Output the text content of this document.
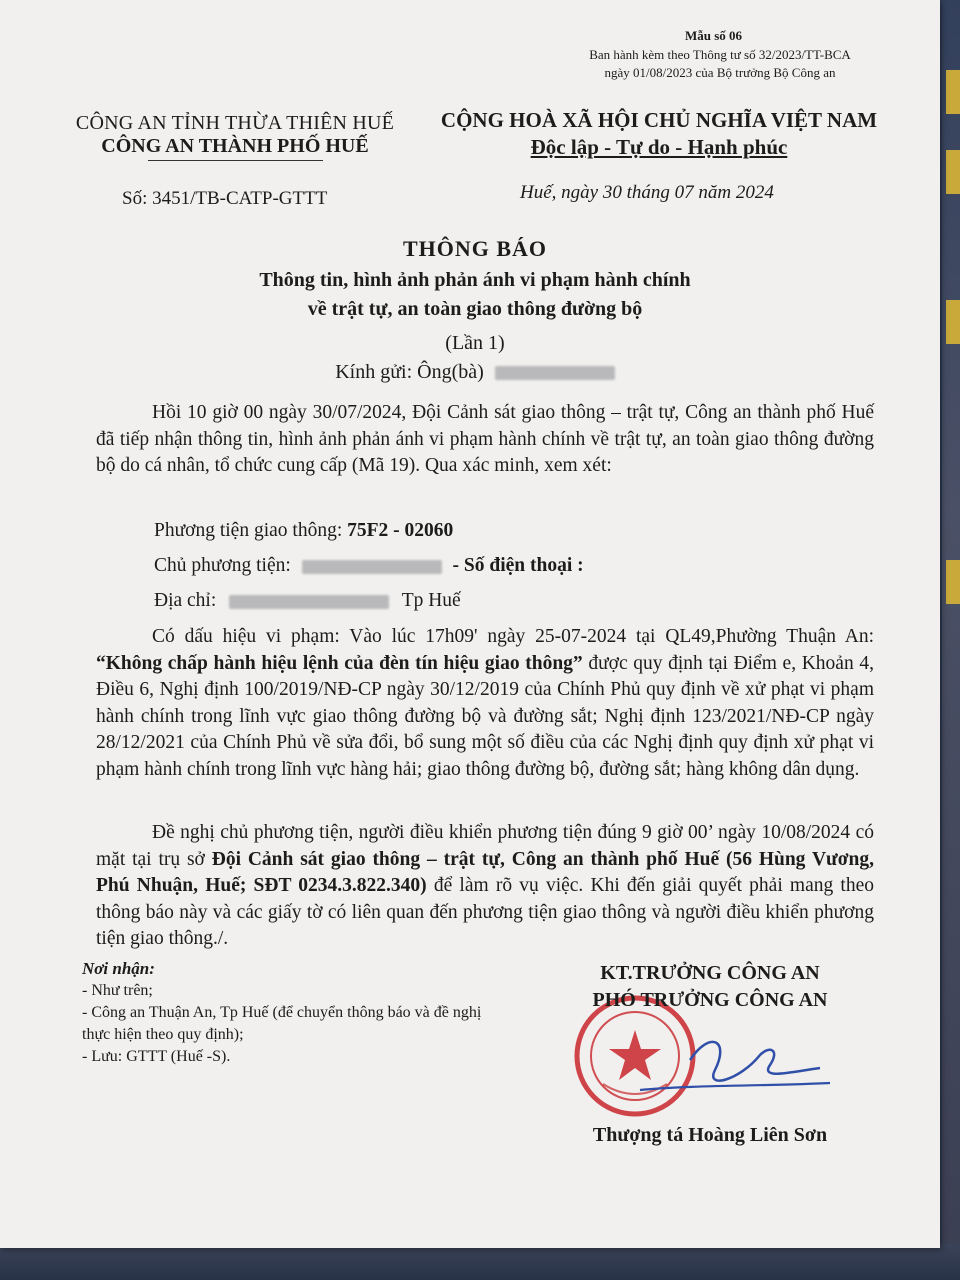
Mẫu số 06
Ban hành kèm theo Thông tư số 32/2023/TT-BCA
ngày 01/08/2023 của Bộ trưởng Bộ Công an
CÔNG AN TỈNH THỪA THIÊN HUẾ
CÔNG AN THÀNH PHỐ HUẾ
Số: 3451/TB-CATP-GTTT
CỘNG HOÀ XÃ HỘI CHỦ NGHĨA VIỆT NAM
Độc lập - Tự do - Hạnh phúc
Huế, ngày 30 tháng 07 năm 2024
THÔNG BÁO
Thông tin, hình ảnh phản ánh vi phạm hành chính
về trật tự, an toàn giao thông đường bộ
(Lần 1)
Kính gửi: Ông(bà)
Hồi 10 giờ 00 ngày 30/07/2024, Đội Cảnh sát giao thông – trật tự, Công an thành phố Huế đã tiếp nhận thông tin, hình ảnh phản ánh vi phạm hành chính về trật tự, an toàn giao thông đường bộ do cá nhân, tổ chức cung cấp (Mã 19). Qua xác minh, xem xét:
Phương tiện giao thông: 75F2 - 02060
Chủ phương tiện:	- Số điện thoại :
Địa chỉ:	Tp Huế
Có dấu hiệu vi phạm: Vào lúc 17h09' ngày 25-07-2024 tại QL49,Phường Thuận An: “Không chấp hành hiệu lệnh của đèn tín hiệu giao thông” được quy định tại Điểm e, Khoản 4, Điều 6, Nghị định 100/2019/NĐ-CP ngày 30/12/2019 của Chính Phủ quy định về xử phạt vi phạm hành chính trong lĩnh vực giao thông đường bộ và đường sắt; Nghị định 123/2021/NĐ-CP ngày 28/12/2021 của Chính Phủ về sửa đổi, bổ sung một số điều của các Nghị định quy định xử phạt vi phạm hành chính trong lĩnh vực hàng hải; giao thông đường bộ, đường sắt; hàng không dân dụng.
Đề nghị chủ phương tiện, người điều khiển phương tiện đúng 9 giờ 00’ ngày 10/08/2024 có mặt tại trụ sở Đội Cảnh sát giao thông – trật tự, Công an thành phố Huế (56 Hùng Vương, Phú Nhuận, Huế; SĐT 0234.3.822.340) để làm rõ vụ việc. Khi đến giải quyết phải mang theo thông báo này và các giấy tờ có liên quan đến phương tiện giao thông và người điều khiển phương tiện giao thông./.
Nơi nhận:
- Như trên;
- Công an Thuận An, Tp Huế (để chuyển thông báo và đề nghị thực hiện theo quy định);
- Lưu: GTTT (Huế -S).
KT.TRƯỞNG CÔNG AN
PHÓ TRƯỞNG CÔNG AN
Thượng tá Hoàng Liên Sơn
